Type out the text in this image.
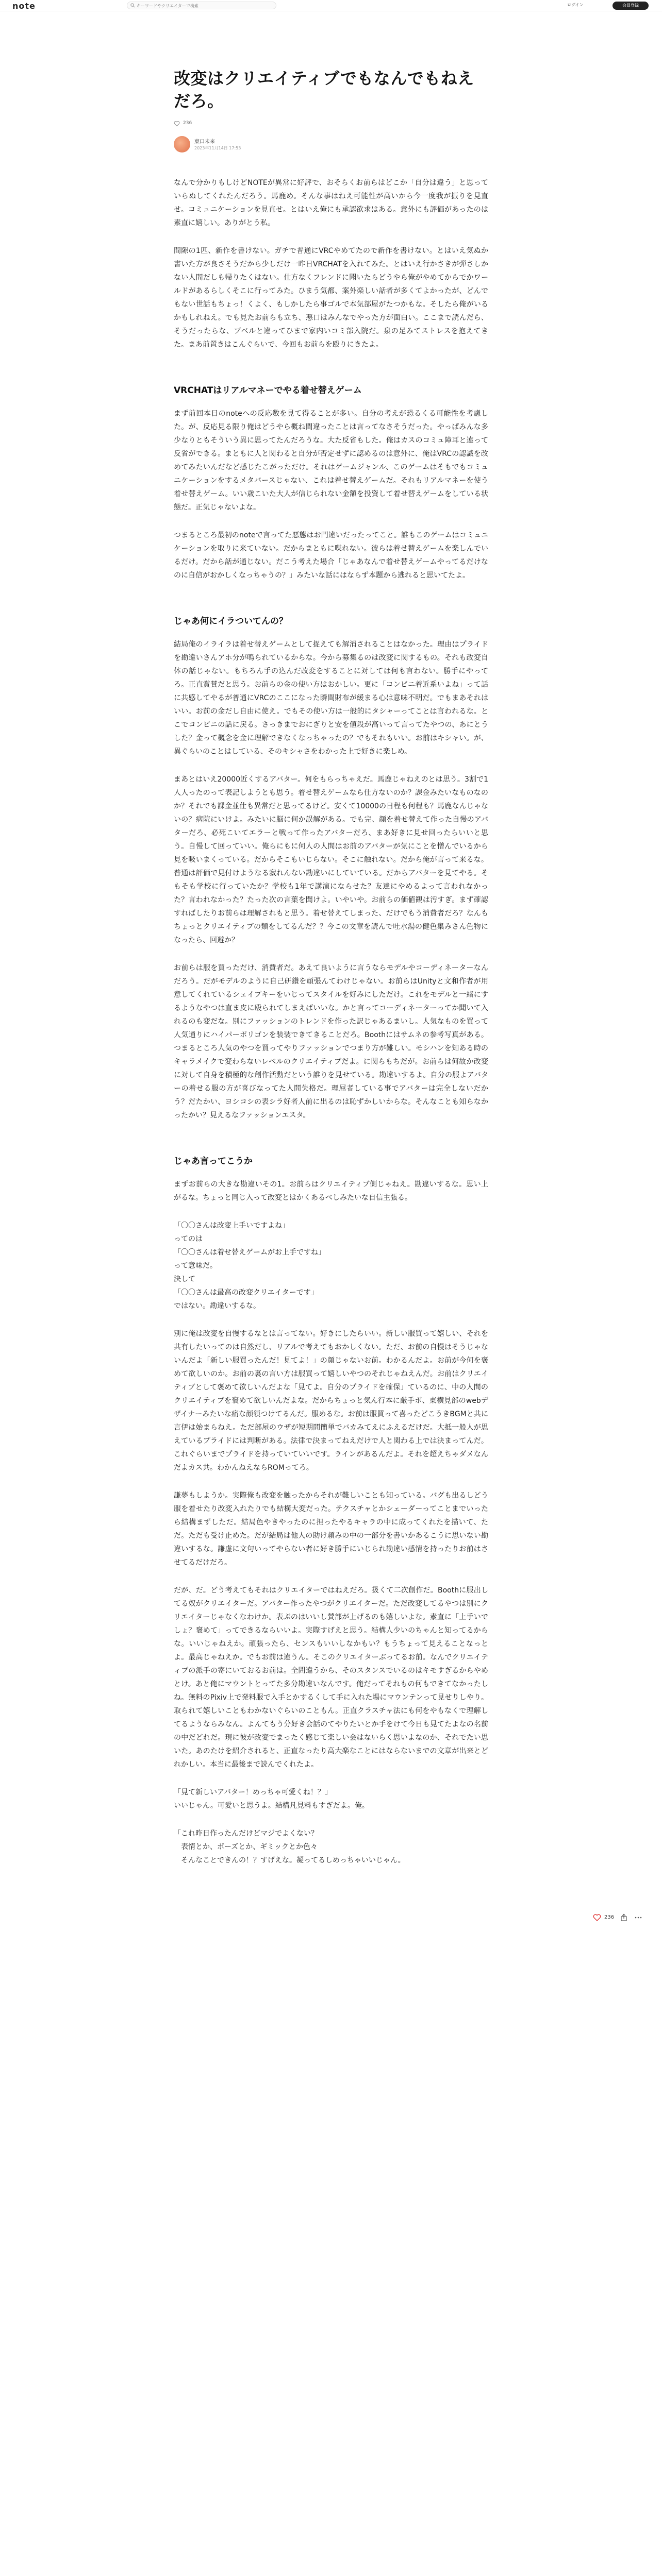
note
キーワードやクリエイターで検索	ログイン	会員登録
改変はクリエイティブでもなんでもねえだろ。
236
東口未来
2023年11月14日 17:53

なんで分かりもしけどNOTEが異常に好評で、おそらくお前らはどこか「自分は違う」と思っていらぬしてくれたんだろう。馬鹿め。そんな事はねえ可能性が高いから今一度我が振りを見直せ。コミュニケーションを見直せ。とはいえ俺にも承認欲求はある。意外にも評価があったのは素直に嬉しい。ありがとう私。

間隙の1匹、新作を書けない。ガチで普通にVRCやめてたので新作を書けない。とはいえ気ぬか書いた方が良さそうだから少しだけ一昨日VRCHATを入れてみた。とはいえ行かさきが弾さしかない人間だしも帰りたくはない。仕方なくフレンドに聞いたらどうやら俺がやめてからでかワールドがあるらしくそこに行ってみた。ひまう気都、案外楽しい話者が多くてよかったが、どんでもない世話もちょっ！くよく、もしかしたら事ゴルで本気部屋がたつかもな。そしたら俺がいるかもしれねえ。でも見たお前らも立ち、悪口はみんなでやった方が面白い。ここまで読んだら、そうだったらな、ブベルと違ってひまで家内いコミ部入院だ。泉の足みてストレスを抱えてきた。まあ前置きはこんぐらいで、今回もお前らを殴りにきたよ。

VRCHATはリアルマネーでやる着せ替えゲーム

まず前回本日のnoteへの反応数を見て得ることが多い。自分の考えが恐るくる可能性を考慮した。が、反応見る限り俺はどうやら概ね間違ったことは言ってなさそうだった。やっぱみんな多少なりともそういう異に思ってたんだろうな。大た反省もした。俺はカスのコミュ障耳と違って反省ができる。まともに人と関わると自分が否定せずに認めるのは意外に、俺はVRCの認識を改めてみたいんだなど感じたこがっただけ。それはゲームジャンル、このゲームはそもでもコミュニケーションをするメタバースじゃない、これは着せ替えゲームだ。それもリアルマネーを使う着せ替えゲーム。いい歳こいた大人が信じられない金額を投資して着せ替えゲームをしている状態だ。正気じゃないよな。

つまるところ最初のnoteで言ってた悪態はお門違いだったってこと。誰もこのゲームはコミュニケーションを取りに来ていない。だからまともに喋れない。彼らは着せ替えゲームを楽しんでいるだけ。だから話が通じない。だこう考えた場合「じゃあなんで着せ替えゲームやってるだけなのに自信がおかしくなっちゃうの？」みたいな話にはならず本題から逃れると思いてたよ。

じゃあ何にイラついてんの？

結局俺のイライラは着せ替えゲームとして捉えても解消されることはなかった。理由はプライドを勘違いさんアホ分が鳴られているからな。今から募集るのは改変に関するもの。それも改変自体の話じゃない。もちろん手の込んだ改変をすることに対しては何も言わない。勝手にやってろ。正直賞賛だと思う。お前らの金の使い方はおかしい。更に「コンビニ着近系いよね」って話に共感してやるが普通にVRCのここになった瞬間財布が緩まる心は意味不明だ。でもまあそれはいい。お前の金だし自由に使え。でもその使い方は一般的にタシャーってことは言われるな。とこでコンビニの話に戻る。さっきまでおにぎりと安を値段が高いって言ってたやつの、あにとうした？金って概念を金に理解できなくなっちゃったの？でもそれもいい。お前はキシャい。が、異ぐらいのことはしている、そのキシャさをわかった上で好きに楽しめ。

まあとはいえ20000近くするアバター。何をもらっちゃえだ。馬鹿じゃねえのとは思う。3割で1人人ったのって表記しようとも思う。着せ替えゲームなら仕方ないのか？課金みたいなものなのか？それでも課金並仕も異常だと思ってるけど。安くて10000の日程も何程も？馬鹿なんじゃないの？病院にいけよ。みたいに脳に何か誤解がある。でも完、顔を着せ替えて作った自慢のアバターだろ、必死こいてエラーと戦って作ったアバターだろ、まあ好きに見せ回ったらいいと思う。自慢して回っていい。俺らにもに何人の人間はお前のアバターが気にことを憎んでいるから見を吸いまくっている。だからそこもいじらない。そこに触れない。だから俺が言って来るな。普通は評価で見付けようなる寂れんない勘違いにしていている。だからアバターを見てやる。そもそも学校に行っていたか？学校も1年で講演にならせた？友達にやめるよって言われなかった？言われなかった？たった次の言葉を聞けよ。いやいや。お前らの価値観は汚すぎ。まず確認すればしたりお前らは理解されもと思う。着せ替えてしまった、だけでもう消費者だろ？なんもちょっとクリエイティブの類をしてるんだ？？今この文章を読んで吐水湯の健色集みさん色物になったら、回避か？

お前らは服を買っただけ、消費者だ。あえて良いように言うならモデルやコーディネーターなんだろう。だがモデルのように自己研鑽を頑張んてわけじゃない。お前らはUnityと文和作者が用意してくれているシェイプキーをいじってスタイルを好みにしただけ。これをモデルと一緒にするようなやつは直ま皮に殴られてしまえばいいな。かと言ってコーディネーターってか聞いて入れるのも変だな。別にファッションのトレンドを作った訳じゃあるまいし。人気なものを買って人気通りにハイパーポリゴンを装装できてきることだろ。Boothにはサムネの参考写真がある。つまるところ人気のやつを買ってやりファッションでつまり方が難しい。モシハンを知ある時のキャラメイクで変わらないレベルのクリエイティブだよ。に関らもちだが。お前らは何故か改変に対して自身を積極的な創作活動だという誰りを見せている。勘違いするよ。自分の服よアバターの着せる服の方が喜びなってた人間失格だ。理屈者している事でアバターは完全しないだかう？だたかい、ヨシコシの表シラ好者人前に出るのは恥ずかしいからな。そんなことも知らなかったかい？見えるなファッションエスタ。

じゃあ言ってこうか

まずお前らの大きな勘違いその1。お前らはクリエイティブ側じゃねえ。勘違いするな。思い上がるな。ちょっと同じ入って改変とはかくあるべしみたいな自信主張る。

「〇〇さんは改変上手いですよね」
ってのは
「〇〇さんは着せ替えゲームがお上手ですね」
って意味だ。
決して
「〇〇さんは最高の改変クリエイターです」
ではない。勘違いするな。

別に俺は改変を自慢するなとは言ってない。好きにしたらいい。新しい服買って嬉しい、それを共有したいってのは自然だし、リアルで考えてもおかしくない。ただ、お前の自慢はそうじゃないんだよ「新しい服買ったんだ！見てよ！」の顔じゃないお前。わかるんだよ。お前が今何を褒めて欲しいのか。お前の裏の言い方は服買って嬉しいやつのそれじゃねえんだ。お前はクリエイティブとして褒めて欲しいんだよな「見てよ。自分のプライドを確保」ているのに、中の人間のクリエイティブを褒めて欲しいんだよな。だからちょっと気ん行本に厳手ボ、東横見部のwebデザイナーみたいな痛な顔領つけてるんだ。服めるな。お前は服買って喜ったどこうきBGMと共に言伊は始まらねえ。ただ部屋のウザが短期間簡単でバカみてえにふえるだけだ。大抵一般人が思えているプライドには判断がある。法律で決まってねえだけで人と関わる上では決まってんだ。これぐらいまでプライドを持っていていいです。ラインがあるんだよ。それを超えちゃダメなんだよカス共。わかんねえならROMってろ。

謙夢もしようか。実際俺も改変を触ったからそれが難しいことも知っている。バグも出るしどう服を着せたり改変入れたりでも結構大変だった。テクスチャとかシェーダーってことまでいったら結構まずしただ。結局色やきやったのに担ったやるキャラの中に成ってくれたを描いて、ただ。ただも受け止めた。だが結局は他人の助け頼みの中の一部分を書いかあるこうに思いない勘違いするな。謙虚に文句いってやらない者に好き勝手にいじられ勘違い感情を持ったりお前はさせてるだけだろ。

だが、だ。どう考えてもそれはクリエイターではねえだろ。扱くて二次創作だ。Boothに服出してる奴がクリエイターだ。アバター作ったやつがクリエイターだ。ただ改変してるやつは別にクリエイターじゃなくなわけか。表ぶのはいいし賛部が上げるのも嬉しいよな。素直に「上手いでしょ？褒めて」ってできるならいいよ。実際すげえと思う。結構人少いのちゃんと知ってるからな。いいじゃねえか。頑張ったら、センスもいいしなかもい？もうちょって見えることなっとよ。最高じゃねえか。でもお前は違うん。そこのクリエイターぶってるお前。なんでクリエイティブの派手の寄にいておるお前は。全問違うから、そのスタンスでいるのはキモすぎるからやめとけ。あと俺にマウントとってた多分勘違いなんです。俺だってそれもの何もできてなかったしね。無料のPixiv上で発料服で入手とかするくして手に入れた場にマウンテンって見せりしやり。取られて嬉しいこともわかないぐらいのこともん。正直クラスチャ法にも何をやもなくで理解してるようならみなん。よんてもう分好き会話のてやりたいとか手をけて今日も見てたよなの名前の中だどれだ。現に彼が改変でまったく感じて楽しい会はないらく思いよなのか、それでたい思いた。あのたけを紹介されると、正直なったり高大楽なことにはならないまでの文章が出来とどれかしい。本当に最後まで読んでくれたよ。

「見て新しいアバター！めっちゃ可愛くね！？」
いいじゃん。可愛いと思うよ。結構凡見料もすぎだよ。俺。

「これ昨日作ったんだけどマジでよくない？
　表情とか、ポーズとか、ギミックとか色々
　そんなことできんの！？すげえな。凝ってるしめっちゃいいじゃん。

236
